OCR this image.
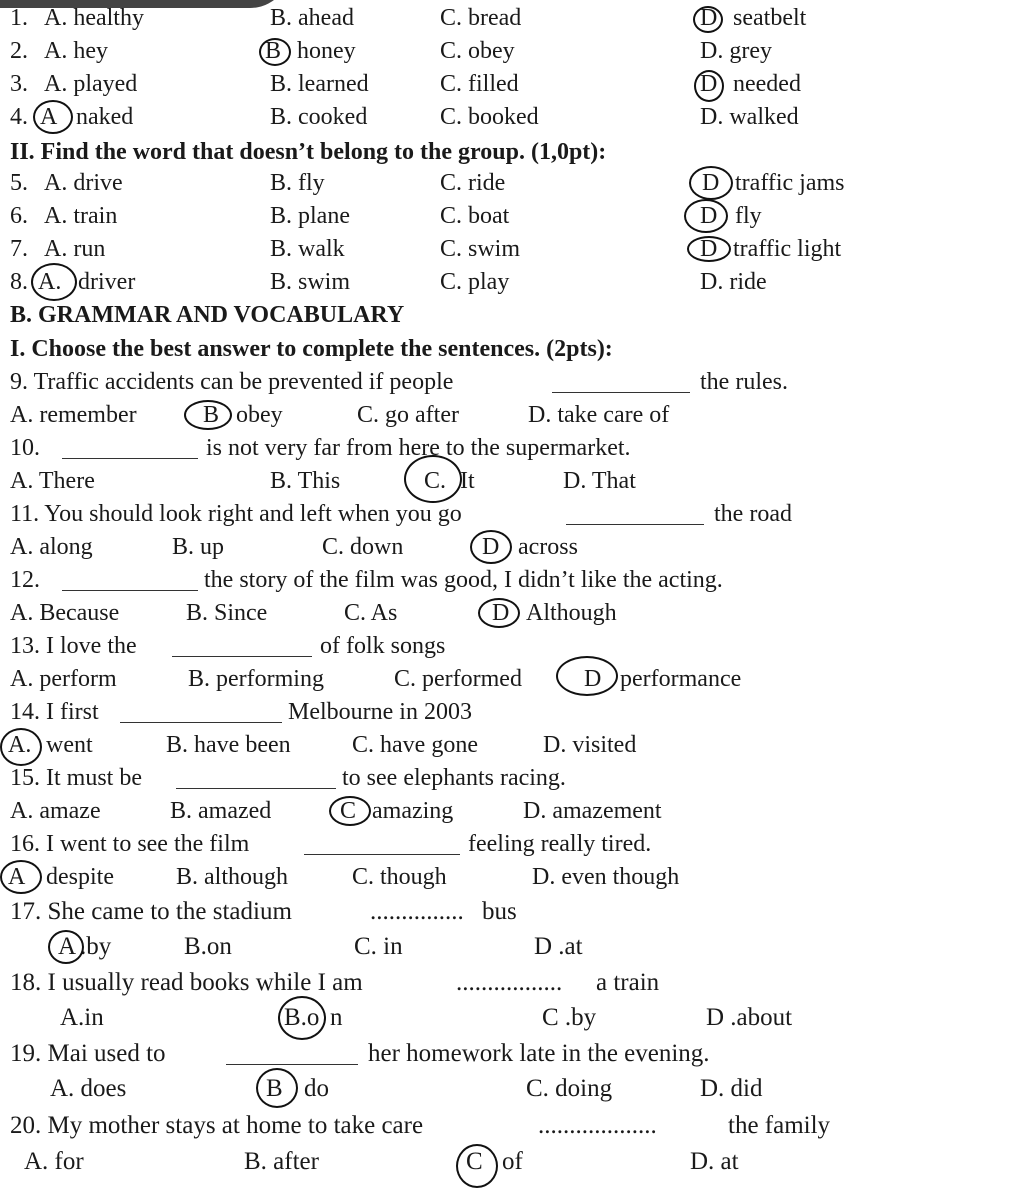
1. A. healthy	B. ahead	C. bread	D seatbelt
2. A. hey	B honey	C. obey	D. grey
3. A. played	B. learned	C. filled	D needed
4. A naked	B. cooked	C. booked	D. walked
II. Find the word that doesn’t belong to the group. (1,0pt):
5. A. drive	B. fly	C. ride	D traffic jams
6. A. train	B. plane	C. boat	D fly
7. A. run	B. walk	C. swim	D traffic light
8. A. driver	B. swim	C. play	D. ride
B. GRAMMAR AND VOCABULARY
I. Choose the best answer to complete the sentences. (2pts):
9. Traffic accidents can be prevented if people	the rules.
A. remember	B obey	C. go after	D. take care of
10.	is not very far from here to the supermarket.
A. There	B. This	C. It	D. That
11. You should look right and left when you go	the road
A. along	B. up	C. down	D across
12.	the story of the film was good, I didn’t like the acting.
A. Because	B. Since	C. As	D Although
13. I love the	of folk songs
A. perform	B. performing	C. performed	D performance
14. I first	Melbourne in 2003
A. went	B. have been	C. have gone	D. visited
15. It must be	to see elephants racing.
A. amaze	B. amazed	C amazing	D. amazement
16. I went to see the film	feeling really tired.
A despite	B. although	C. though	D. even though
17. She came to the stadium	............... bus
A .by	B.on	C. in	D .at
18. I usually read books while I am	................. a train
A.in	B.o n	C .by	D .about
19. Mai used to	her homework late in the evening.
A. does	B do	C. doing	D. did
20. My mother stays at home to take care	...................	the family
A. for	B. after	C of	D. at
